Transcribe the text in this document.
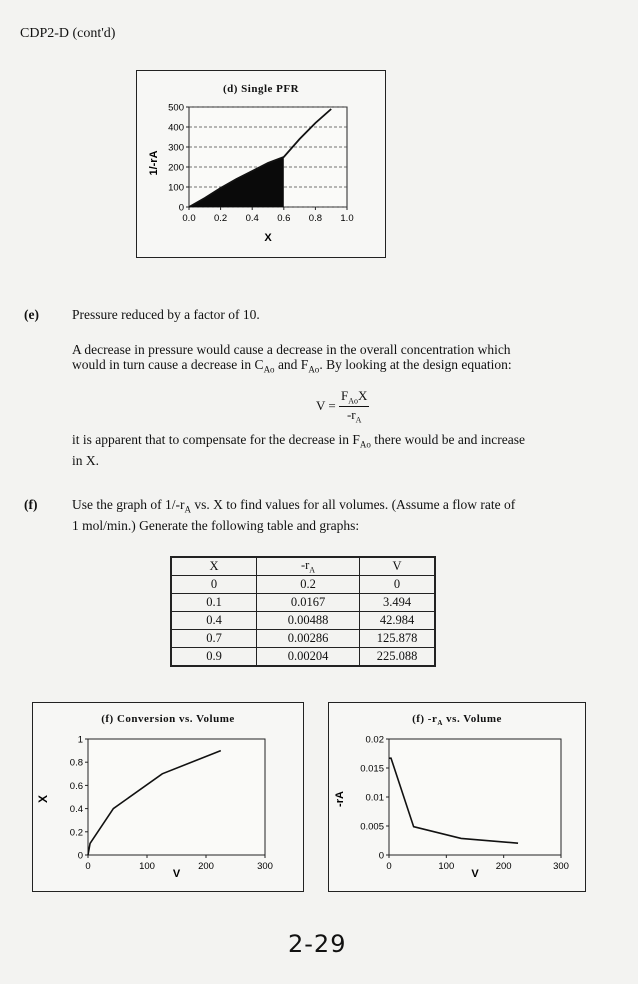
CDP2-D (cont'd)
(d) Single PFR
0
100
200
300
400
500
0.0 0.2 0.4 0.6 0.8 1.0
1/-rA
X
(e) Pressure reduced by a factor of 10.
A decrease in pressure would cause a decrease in the overall concentration which
would in turn cause a decrease in $C_{Ao}$ and $F_{Ao}$. By looking at the design equation:
$V = \frac{F_{Ao}X}{-r_A}$
it is apparent that to compensate for the decrease in $F_{Ao}$ there would be and increase
in X.
(f)	Use the graph of $1/-r_A$ vs. X to find values for all volumes. (Assume a flow rate of
1 mol/min.) Generate the following table and graphs:
X	$-r_A$	V
0	0.2	0
0.1	0.0167	3.494
0.4	0.00488	42.984
0.7	0.00286	125.878
0.9	0.00204	225.088
(f) Conversion vs. Volume
0
0.2
0.4
0.6
0.8
1
0	100	200	300
X
V
(f) $-r_A$ vs. Volume
0
0.005
0.01
0.015
0.02
0	100	200	300
-rA
V
2-29
